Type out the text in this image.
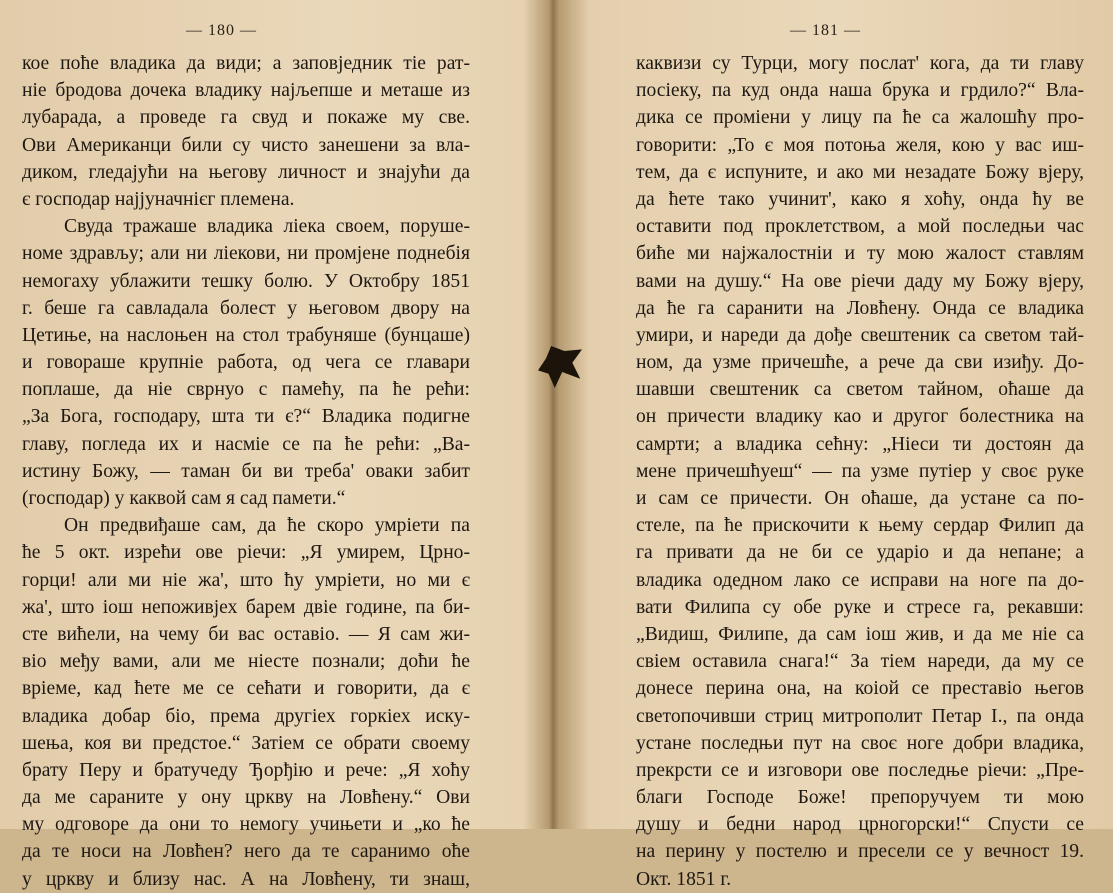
— 180 —
кое поће владика да види; а заповједник тіе рат-
ніе бродова дочека владику најљепше и меташе из
лубарада, а проведе га свуд и покаже му све.
Ови Американци били су чисто занешени за вла-
диком, гледајући на његову личност и знајући да
є господар најјуначнієг племена.
Свуда тражаше владика ліека своем, поруше-
номе здрављу; али ни ліекови, ни промјене поднебія
немогаху ублажити тешку болю. У Октобру 1851
г. беше га савладала болест у његовом двору на
Цетиње, на наслоњен на стол трабуняше (бунцаше)
и говораше крупніе работа, од чега се главари
поплаше, да ніе сврнуо с памећу, па ће рећи:
„За Бога, господару, шта ти є?“ Владика подигне
главу, погледа их и насміе се па ће рећи: „Ва-
истину Божу, — таман би ви треба' оваки забит
(господар) у каквой сам я сад памети.“
Он предвиђаше сам, да ће скоро умріети па
ће 5 окт. изрећи ове ріечи: „Я умирем, Црно-
горци! али ми ніе жа', што ћу умріети, но ми є
жа', што іош непоживјех барем двіе године, па би-
сте вићели, на чему би вас оставіо. — Я сам жи-
віо међу вами, али ме ніесте познали; доћи ће
вріеме, кад ћете ме се сећати и говорити, да є
владика добар біо, према другіех горкіех иску-
шења, коя ви предстое.“ Затіем се обрати своему
брату Перу и братучеду Ђорђію и рече: „Я хоћу
да ме сараните у ону цркву на Ловћену.“ Ови
му одговоре да они то немогу учињети и „ко ће
да те носи на Ловћен? него да те саранимо оће
у цркву и близу нас. А на Ловћену, ти знаш,
— 181 —
каквизи су Турци, могу послат' кога, да ти главу
посіеку, па куд онда наша брука и грдило?“ Вла-
дика се проміени у лицу па ће са жалошћу про-
говорити: „То є моя потоња желя, кою у вас иш-
тем, да є испуните, и ако ми незадате Божу вјеру,
да ћете тако учинит', како я хоћу, онда ћу ве
оставити под проклетством, а мой последњи час
биће ми најжалостніи и ту мою жалост ставлям
вами на душу.“ На ове ріечи даду му Божу вјеру,
да ће га саранити на Ловћену. Онда се владика
умири, и нареди да дође свештеник са светом тай-
ном, да узме причешће, а рече да сви изиђу. До-
шавши свештеник са светом тайном, оћаше да
он причести владику као и другог болестника на
самрти; а владика сећну: „Ніеси ти достоян да
мене причешћуеш“ — па узме путіер у своє руке
и сам се причести. Он оћаше, да устане са по-
стеле, па ће прискочити к њему сердар Филип да
га привати да не би се ударіо и да непане; а
владика одедном лако се исправи на ноге па до-
вати Филипа су обе руке и стресе га, рекавши:
„Видиш, Филипе, да сам іош жив, и да ме ніе са
свіем оставила снага!“ За тіем нареди, да му се
донесе перина она, на коіой се преставіо његов
светопочивши стриц митрополит Петар I., па онда
устане последњи пут на своє ноге добри владика,
прекрсти се и изговори ове последње ріечи: „Пре-
благи Господе Боже! препоручуем ти мою
душу и бедни народ црногорски!“ Спусти се
на перину у постелю и пресели се у вечност 19.
Окт. 1851 г.
